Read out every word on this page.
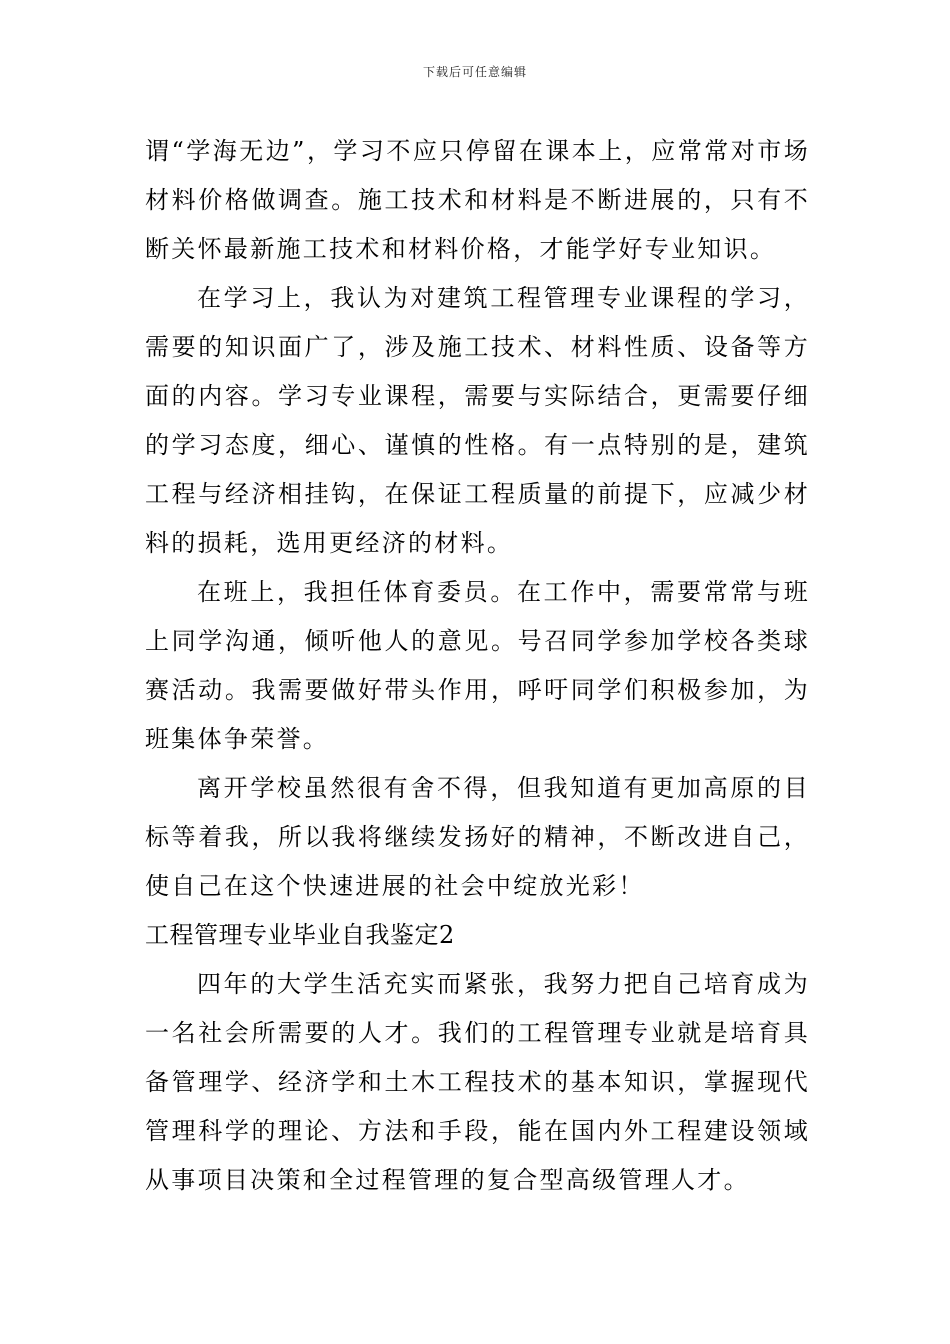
下载后可任意编辑

谓“学海无边”，学习不应只停留在课本上，应常常对市场材料价格做调查。施工技术和材料是不断进展的，只有不断关怀最新施工技术和材料价格，才能学好专业知识。

在学习上，我认为对建筑工程管理专业课程的学习，需要的知识面广了，涉及施工技术、材料性质、设备等方面的内容。学习专业课程，需要与实际结合，更需要仔细的学习态度，细心、谨慎的性格。有一点特别的是，建筑工程与经济相挂钩，在保证工程质量的前提下，应减少材料的损耗，选用更经济的材料。

在班上，我担任体育委员。在工作中，需要常常与班上同学沟通，倾听他人的意见。号召同学参加学校各类球赛活动。我需要做好带头作用，呼吁同学们积极参加，为班集体争荣誉。

离开学校虽然很有舍不得，但我知道有更加高原的目标等着我，所以我将继续发扬好的精神，不断改进自己，使自己在这个快速进展的社会中绽放光彩！

工程管理专业毕业自我鉴定2

四年的大学生活充实而紧张，我努力把自己培育成为一名社会所需要的人才。我们的工程管理专业就是培育具备管理学、经济学和土木工程技术的基本知识，掌握现代管理科学的理论、方法和手段，能在国内外工程建设领域从事项目决策和全过程管理的复合型高级管理人才。
